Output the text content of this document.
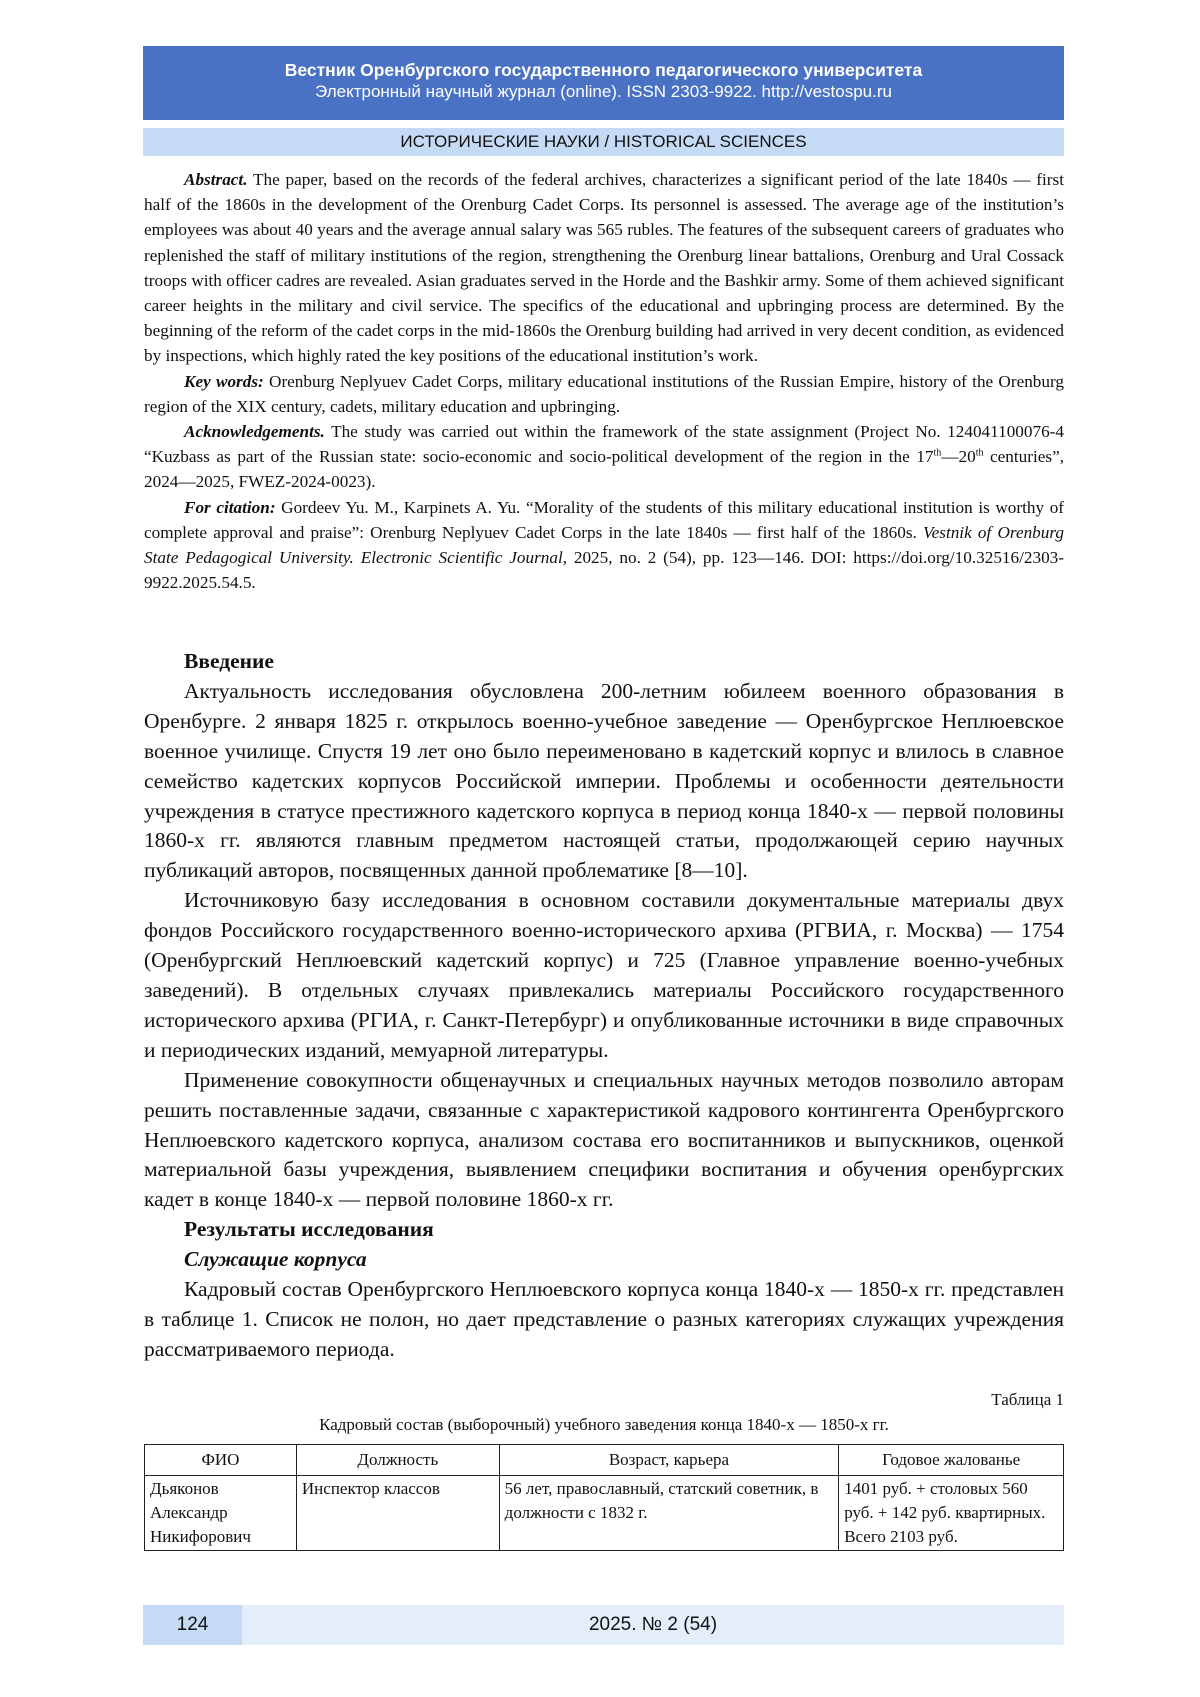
Вестник Оренбургского государственного педагогического университета
Электронный научный журнал (online). ISSN 2303-9922. http://vestospu.ru
ИСТОРИЧЕСКИЕ НАУКИ / HISTORICAL SCIENCES

Abstract. The paper, based on the records of the federal archives, characterizes a significant period of the late 1840s — first half of the 1860s in the development of the Orenburg Cadet Corps. Its personnel is assessed. The average age of the institution’s employees was about 40 years and the average annual salary was 565 rubles. The features of the subsequent careers of graduates who replenished the staff of military institutions of the region, strengthening the Orenburg linear battalions, Orenburg and Ural Cossack troops with officer cadres are revealed. Asian graduates served in the Horde and the Bashkir army. Some of them achieved significant career heights in the military and civil service. The specifics of the educational and upbringing process are determined. By the beginning of the reform of the cadet corps in the mid-1860s the Orenburg building had arrived in very decent condition, as evidenced by inspections, which highly rated the key positions of the educational institution’s work.

Key words: Orenburg Neplyuev Cadet Corps, military educational institutions of the Russian Empire, history of the Orenburg region of the XIX century, cadets, military education and upbringing.

Acknowledgements. The study was carried out within the framework of the state assignment (Project No. 124041100076-4 “Kuzbass as part of the Russian state: socio-economic and socio-political development of the region in the 17th—20th centuries”, 2024—2025, FWEZ-2024-0023).

For citation: Gordeev Yu. M., Karpinets A. Yu. “Morality of the students of this military educational institution is worthy of complete approval and praise”: Orenburg Neplyuev Cadet Corps in the late 1840s — first half of the 1860s. Vestnik of Orenburg State Pedagogical University. Electronic Scientific Journal, 2025, no. 2 (54), pp. 123—146. DOI: https://doi.org/10.32516/2303-9922.2025.54.5.

Введение

Актуальность исследования обусловлена 200-летним юбилеем военного образования в Оренбурге. 2 января 1825 г. открылось военно-учебное заведение — Оренбургское Неплюевское военное училище. Спустя 19 лет оно было переименовано в кадетский корпус и влилось в славное семейство кадетских корпусов Российской империи. Проблемы и особенности деятельности учреждения в статусе престижного кадетского корпуса в период конца 1840-х — первой половины 1860-х гг. являются главным предметом настоящей статьи, продолжающей серию научных публикаций авторов, посвященных данной проблематике [8—10].

Источниковую базу исследования в основном составили документальные материалы двух фондов Российского государственного военно-исторического архива (РГВИА, г. Москва) — 1754 (Оренбургский Неплюевский кадетский корпус) и 725 (Главное управление военно-учебных заведений). В отдельных случаях привлекались материалы Российского государственного исторического архива (РГИА, г. Санкт-Петербург) и опубликованные источники в виде справочных и периодических изданий, мемуарной литературы.

Применение совокупности общенаучных и специальных научных методов позволило авторам решить поставленные задачи, связанные с характеристикой кадрового контингента Оренбургского Неплюевского кадетского корпуса, анализом состава его воспитанников и выпускников, оценкой материальной базы учреждения, выявлением специфики воспитания и обучения оренбургских кадет в конце 1840-х — первой половине 1860-х гг.

Результаты исследования

Служащие корпуса

Кадровый состав Оренбургского Неплюевского корпуса конца 1840-х — 1850-х гг. представлен в таблице 1. Список не полон, но дает представление о разных категориях служащих учреждения рассматриваемого периода.

Таблица 1
Кадровый состав (выборочный) учебного заведения конца 1840-х — 1850-х гг.
ФИО	Должность	Возраст, карьера	Годовое жалованье
Дьяконов Александр Никифорович	Инспектор классов	56 лет, православный, статский советник, в должности с 1832 г.	1401 руб. + столовых 560 руб. + 142 руб. квартирных. Всего 2103 руб.
124	2025. № 2 (54)
